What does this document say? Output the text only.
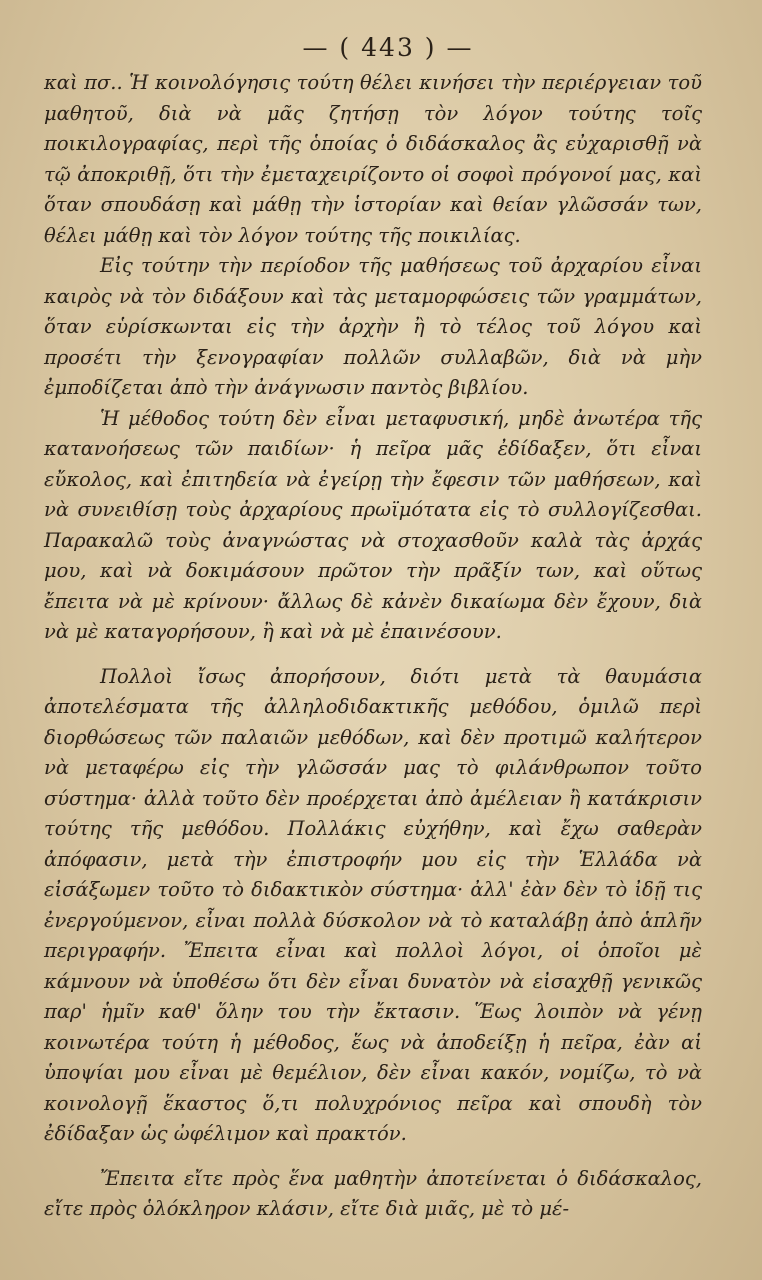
— ( 443 ) —

καὶ πσ.. Ἡ κοινολόγησις τούτη θέλει κινήσει τὴν περιέργειαν τοῦ μαθητοῦ, διὰ νὰ μᾶς ζητήσῃ τὸν λόγον τούτης τοῖς ποικιλογραφίας, περὶ τῆς ὁποίας ὁ διδάσκαλος ἂς εὐχαρισθῇ νὰ τῷ ἀποκριθῇ, ὅτι τὴν ἐμεταχειρίζοντο οἱ σοφοὶ πρόγονοί μας, καὶ ὅταν σπουδάσῃ καὶ μάθῃ τὴν ἱστορίαν καὶ θείαν γλῶσσάν των, θέλει μάθῃ καὶ τὸν λόγον τούτης τῆς ποικιλίας.

Εἰς τούτην τὴν περίοδον τῆς μαθήσεως τοῦ ἀρχαρίου εἶναι καιρὸς νὰ τὸν διδάξουν καὶ τὰς μεταμορφώσεις τῶν γραμμάτων, ὅταν εὑρίσκωνται εἰς τὴν ἀρχὴν ἢ τὸ τέλος τοῦ λόγου καὶ προσέτι τὴν ξενογραφίαν πολλῶν συλλαβῶν, διὰ νὰ μὴν ἐμποδίζεται ἀπὸ τὴν ἀνάγνωσιν παντὸς βιβλίου.

Ἡ μέθοδος τούτη δὲν εἶναι μεταφυσική, μηδὲ ἀνωτέρα τῆς κατανοήσεως τῶν παιδίων· ἡ πεῖρα μᾶς ἐδίδαξεν, ὅτι εἶναι εὔκολος, καὶ ἐπιτηδεία νὰ ἐγείρῃ τὴν ἔφεσιν τῶν μαθήσεων, καὶ νὰ συνειθίσῃ τοὺς ἀρχαρίους πρωϊμότατα εἰς τὸ συλλογίζεσθαι. Παρακαλῶ τοὺς ἀναγνώστας νὰ στοχασθοῦν καλὰ τὰς ἀρχάς μου, καὶ νὰ δοκιμάσουν πρῶτον τὴν πρᾶξίν των, καὶ οὕτως ἔπειτα νὰ μὲ κρίνουν· ἄλλως δὲ κἀνὲν δικαίωμα δὲν ἔχουν, διὰ νὰ μὲ καταγορήσουν, ἢ καὶ νὰ μὲ ἐπαινέσουν.

Πολλοὶ ἴσως ἀπορήσουν, διότι μετὰ τὰ θαυμάσια ἀποτελέσματα τῆς ἀλληλοδιδακτικῆς μεθόδου, ὁμιλῶ περὶ διορθώσεως τῶν παλαιῶν μεθόδων, καὶ δὲν προτιμῶ καλήτερον νὰ μεταφέρω εἰς τὴν γλῶσσάν μας τὸ φιλάνθρωπον τοῦτο σύστημα· ἀλλὰ τοῦτο δὲν προέρχεται ἀπὸ ἀμέλειαν ἢ κατάκρισιν τούτης τῆς μεθόδου. Πολλάκις εὐχήθην, καὶ ἔχω σαθερὰν ἀπόφασιν, μετὰ τὴν ἐπιστροφήν μου εἰς τὴν Ἑλλάδα νὰ εἰσάξωμεν τοῦτο τὸ διδακτικὸν σύστημα· ἀλλ' ἐὰν δὲν τὸ ἰδῇ τις ἐνεργούμενον, εἶναι πολλὰ δύσκολον νὰ τὸ καταλάβῃ ἀπὸ ἁπλῆν περιγραφήν. Ἔπειτα εἶναι καὶ πολλοὶ λόγοι, οἱ ὁποῖοι μὲ κάμνουν νὰ ὑποθέσω ὅτι δὲν εἶναι δυνατὸν νὰ εἰσαχθῇ γενικῶς παρ' ἡμῖν καθ' ὅλην του τὴν ἔκτασιν. Ἕως λοιπὸν νὰ γένῃ κοινωτέρα τούτη ἡ μέθοδος, ἕως νὰ ἀποδείξῃ ἡ πεῖρα, ἐὰν αἱ ὑποψίαι μου εἶναι μὲ θεμέλιον, δὲν εἶναι κακόν, νομίζω, τὸ νὰ κοινολογῇ ἕκαστος ὅ,τι πολυχρόνιος πεῖρα καὶ σπουδὴ τὸν ἐδίδαξαν ὡς ὠφέλιμον καὶ πρακτόν.

Ἔπειτα εἴτε πρὸς ἕνα μαθητὴν ἀποτείνεται ὁ διδάσκαλος, εἴτε πρὸς ὁλόκληρον κλάσιν, εἴτε διὰ μιᾶς, μὲ τὸ μέ-
